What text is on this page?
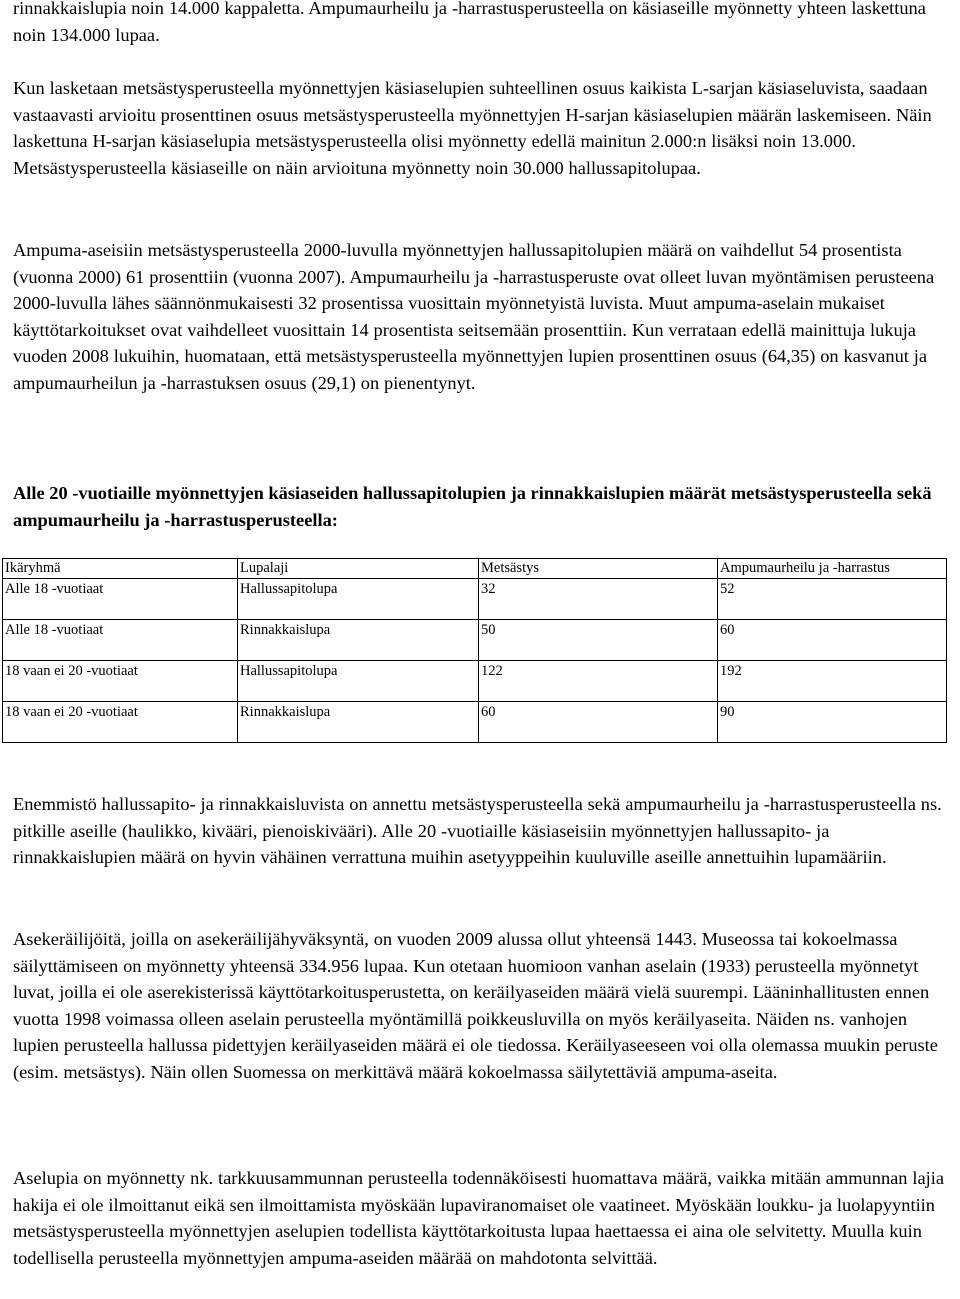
rinnakkaislupia noin 14.000 kappaletta. Ampumaurheilu ja -harrastusperusteella on käsiaseille myönnetty yhteen laskettuna noin 134.000 lupaa.

Kun lasketaan metsästysperusteella myönnettyjen käsiaselupien suhteellinen osuus kaikista L-sarjan käsiaseluvista, saadaan vastaavasti arvioitu prosenttinen osuus metsästysperusteella myönnettyjen H-sarjan käsiaselupien määrän laskemiseen. Näin laskettuna H-sarjan käsiaselupia metsästysperusteella olisi myönnetty edellä mainitun 2.000:n lisäksi noin 13.000. Metsästysperusteella käsiaseille on näin arvioituna myönnetty noin 30.000 hallussapitolupaa.

Ampuma-aseisiin metsästysperusteella 2000-luvulla myönnettyjen hallussapitolupien määrä on vaihdellut 54 prosentista (vuonna 2000) 61 prosenttiin (vuonna 2007). Ampumaurheilu ja -harrastusperuste ovat olleet luvan myöntämisen perusteena 2000-luvulla lähes säännönmukaisesti 32 prosentissa vuosittain myönnetyistä luvista. Muut ampuma-aselain mukaiset käyttötarkoitukset ovat vaihdelleet vuosittain 14 prosentista seitsemään prosenttiin. Kun verrataan edellä mainittuja lukuja vuoden 2008 lukuihin, huomataan, että metsästysperusteella myönnettyjen lupien prosenttinen osuus (64,35) on kasvanut ja ampumaurheilun ja -harrastuksen osuus (29,1) on pienentynyt.

Alle 20 -vuotiaille myönnettyjen käsiaseiden hallussapitolupien ja rinnakkaislupien määrät metsästysperusteella sekä ampumaurheilu ja -harrastusperusteella:

Ikäryhmä	Lupalaji	Metsästys	Ampumaurheilu ja -harrastus
Alle 18 -vuotiaat	Hallussapitolupa	32	52
Alle 18 -vuotiaat	Rinnakkaislupa	50	60
18 vaan ei 20 -vuotiaat	Hallussapitolupa	122	192
18 vaan ei 20 -vuotiaat	Rinnakkaislupa	60	90

Enemmistö hallussapito- ja rinnakkaisluvista on annettu metsästysperusteella sekä ampumaurheilu ja -harrastusperusteella ns. pitkille aseille (haulikko, kivääri, pienoiskivääri). Alle 20 -vuotiaille käsiaseisiin myönnettyjen hallussapito- ja rinnakkaislupien määrä on hyvin vähäinen verrattuna muihin asetyyppeihin kuuluville aseille annettuihin lupamääriin.

Asekeräilijöitä, joilla on asekeräilijähyväksyntä, on vuoden 2009 alussa ollut yhteensä 1443. Museossa tai kokoelmassa säilyttämiseen on myönnetty yhteensä 334.956 lupaa. Kun otetaan huomioon vanhan aselain (1933) perusteella myönnetyt luvat, joilla ei ole aserekisterissä käyttötarkoitusperustetta, on keräilyaseiden määrä vielä suurempi. Lääninhallitusten ennen vuotta 1998 voimassa olleen aselain perusteella myöntämillä poikkeusluvilla on myös keräilyaseita. Näiden ns. vanhojen lupien perusteella hallussa pidettyjen keräilyaseiden määrä ei ole tiedossa. Keräilyaseeseen voi olla olemassa muukin peruste (esim. metsästys). Näin ollen Suomessa on merkittävä määrä kokoelmassa säilytettäviä ampuma-aseita.

Aselupia on myönnetty nk. tarkkuusammunnan perusteella todennäköisesti huomattava määrä, vaikka mitään ammunnan lajia hakija ei ole ilmoittanut eikä sen ilmoittamista myöskään lupaviranomaiset ole vaatineet. Myöskään loukku- ja luolapyyntiin metsästysperusteella myönnettyjen aselupien todellista käyttötarkoitusta lupaa haettaessa ei aina ole selvitetty. Muulla kuin todellisella perusteella myönnettyjen ampuma-aseiden määrää on mahdotonta selvittää.
